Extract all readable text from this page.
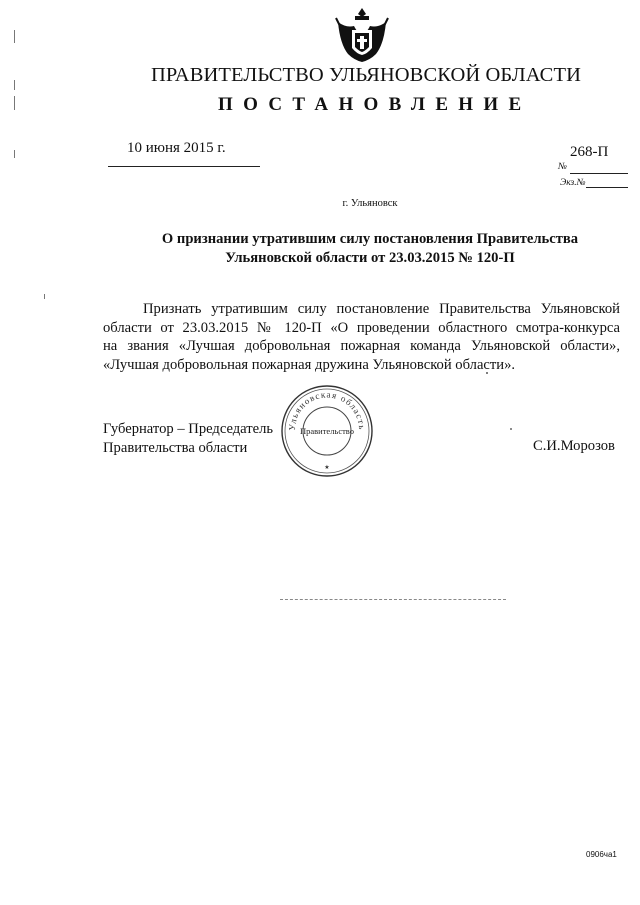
ПРАВИТЕЛЬСТВО УЛЬЯНОВСКОЙ ОБЛАСТИ
ПОСТАНОВЛЕНИЕ
10 июня 2015 г.	268-П
№
Экз.№
г. Ульяновск
О признании утратившим силу постановления Правительства
Ульяновской области от 23.03.2015 № 120-П
Признать утратившим силу постановление Правительства Ульяновской
области от 23.03.2015 № 120-П «О проведении областного смотра-конкурса
на звания «Лучшая добровольная пожарная команда Ульяновской области»,
«Лучшая добровольная пожарная дружина Ульяновской области».
Губернатор – Председатель
Правительства области
Ульяновская область
Правительство
★
С.И.Морозов
0906ча1
